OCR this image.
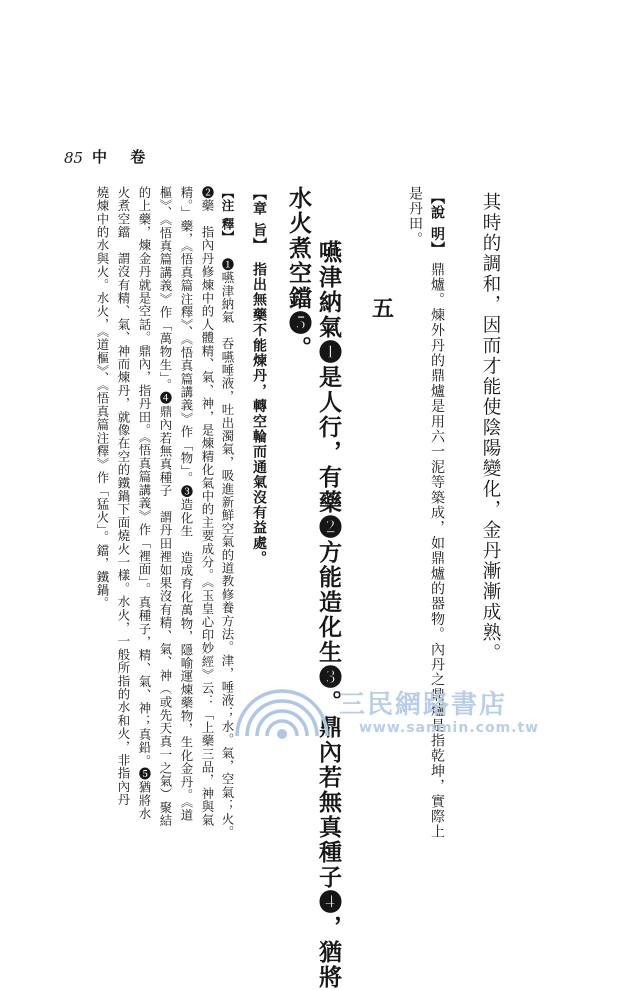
85 中 卷
其時的調和，因而才能使陰陽變化，金丹漸漸成熟。
【說 明】
鼎爐。煉外丹的鼎爐是用六一泥等築成，如鼎爐的器物。內丹之鼎爐是指乾坤，實際上
是丹田。
五
嚥津納氣❶是人行，有藥❷方能造化生❸。鼎內若無真種子❹，猶將
水火煮空鐺❺。
【章 旨】
指出無藥不能煉丹，轉空輪而通氣沒有益處。
【注 釋】
❶嚥津納氣　吞嚥唾液，吐出濁氣，吸進新鮮空氣的道教修養方法。津，唾液；水。氣，空氣；火。
❷藥　指內丹修煉中的人體精、氣、神，是煉精化氣中的主要成分。《玉皇心印妙經》云：「上藥三品，神與氣
精。」藥，《悟真篇注釋》、《悟真篇講義》作「物」。❸造化生　造成育化萬物，隱喻運煉藥物，生化金丹。《道
樞》、《悟真篇講義》作「萬物生」。❹鼎內若無真種子　謂丹田裡如果沒有精、氣、神（或先天真一之氣）聚結
的上藥，煉金丹就是空話。鼎內，指丹田。《悟真篇講義》作「裡面」。真種子，精、氣、神；真鉛。❺猶將水
火煮空鐺　謂沒有精、氣、神而煉丹，就像在空的鐵鍋下面燒火一樣。水火，一般所指的水和火，非指內丹
燒煉中的水與火。水火，《道樞》、《悟真篇注釋》作「猛火」。鐺，鐵鍋。
三民網路書店
www.sanmin.com.tw
